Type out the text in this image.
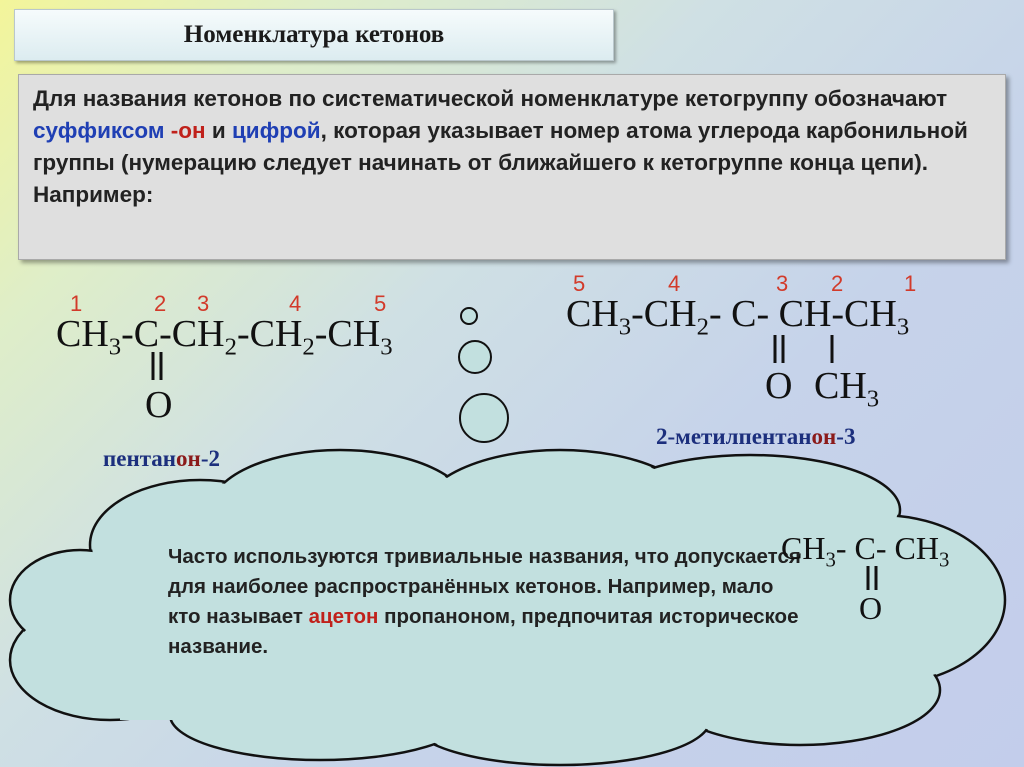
Номенклатура кетонов
Для названия кетонов по систематической номенклатуре кетогруппу обозначают суффиксом -он и цифрой, которая указывает номер атома углерода карбонильной группы (нумерацию следует начинать от ближайшего к кетогруппе конца цепи). Например:
1	2 3	4	5
$CH_3-C-CH_2-CH_2-CH_3$
O
пентанон-2
5	4	3 2	1
$CH_3-CH_2-$ C- $CH-CH_3$
O $CH_3$
2-метилпентанон-3
Часто используются тривиальные названия, что допускается для наиболее распространённых кетонов. Например, мало кто называет ацетон пропаноном, предпочитая историческое название.
$CH_3-$ C- $CH_3$
O
